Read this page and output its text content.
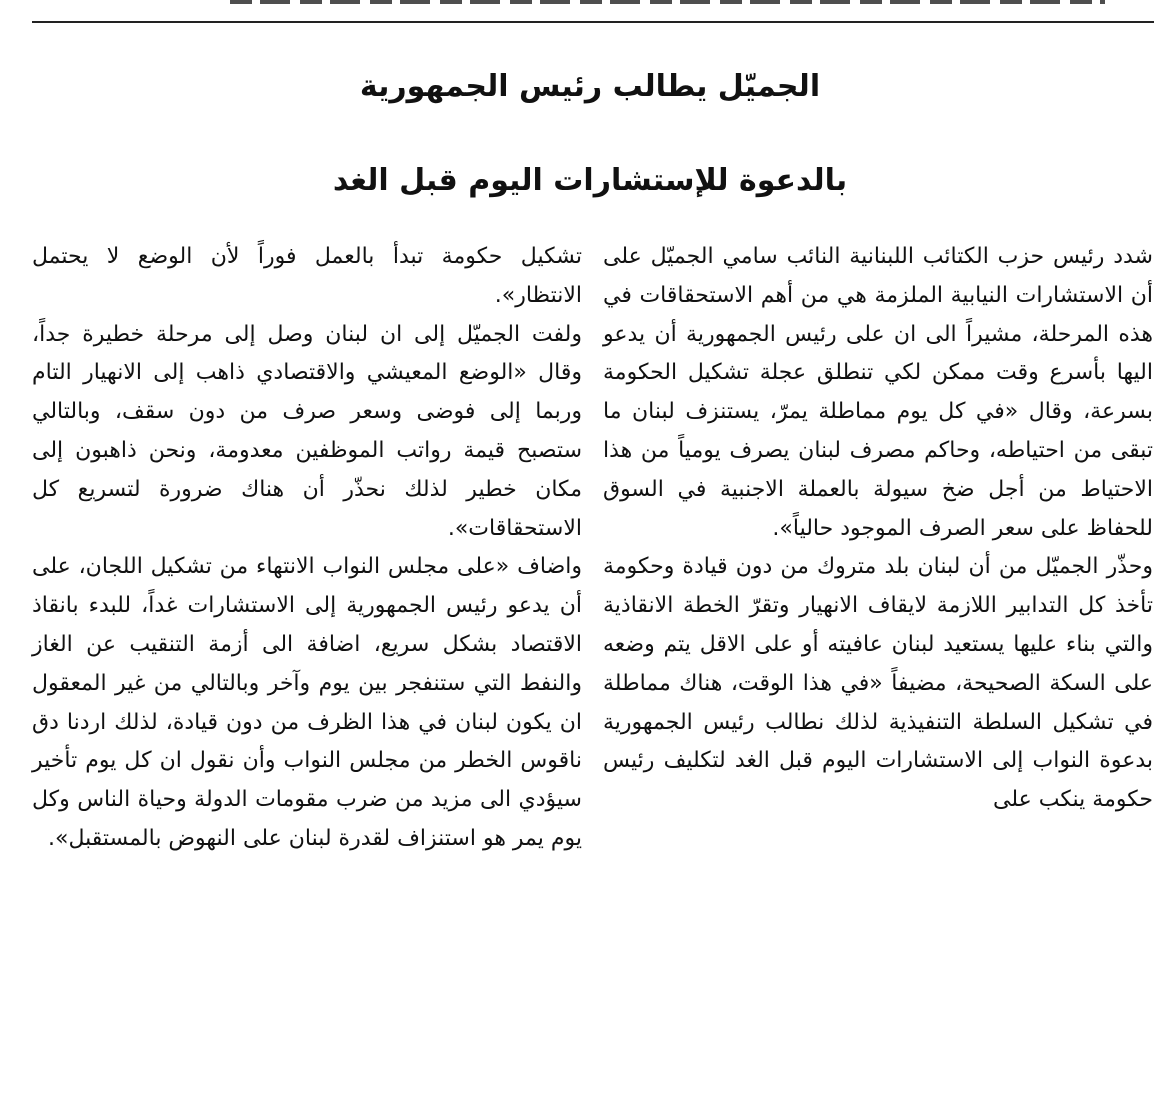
الجميّل يطالب رئيس الجمهورية
بالدعوة للإستشارات اليوم قبل الغد

شدد رئيس حزب الكتائب اللبنانية النائب سامي الجميّل على أن الاستشارات النيابية الملزمة هي من أهم الاستحقاقات في هذه المرحلة، مشيراً الى ان على رئيس الجمهورية أن يدعو اليها بأسرع وقت ممكن لكي تنطلق عجلة تشكيل الحكومة بسرعة، وقال «في كل يوم مماطلة يمرّ، يستنزف لبنان ما تبقى من احتياطه، وحاكم مصرف لبنان يصرف يومياً من هذا الاحتياط من أجل ضخ سيولة بالعملة الاجنبية في السوق للحفاظ على سعر الصرف الموجود حالياً».

وحذّر الجميّل من أن لبنان بلد متروك من دون قيادة وحكومة تأخذ كل التدابير اللازمة لايقاف الانهيار وتقرّ الخطة الانقاذية والتي بناء عليها يستعيد لبنان عافيته أو على الاقل يتم وضعه على السكة الصحيحة، مضيفاً «في هذا الوقت، هناك مماطلة في تشكيل السلطة التنفيذية لذلك نطالب رئيس الجمهورية بدعوة النواب إلى الاستشارات اليوم قبل الغد لتكليف رئيس حكومة ينكب على

تشكيل حكومة تبدأ بالعمل فوراً لأن الوضع لا يحتمل الانتظار».

ولفت الجميّل إلى ان لبنان وصل إلى مرحلة خطيرة جداً، وقال «الوضع المعيشي والاقتصادي ذاهب إلى الانهيار التام وربما إلى فوضى وسعر صرف من دون سقف، وبالتالي ستصبح قيمة رواتب الموظفين معدومة، ونحن ذاهبون إلى مكان خطير لذلك نحذّر أن هناك ضرورة لتسريع كل الاستحقاقات».

واضاف «على مجلس النواب الانتهاء من تشكيل اللجان، على أن يدعو رئيس الجمهورية إلى الاستشارات غداً، للبدء بانقاذ الاقتصاد بشكل سريع، اضافة الى أزمة التنقيب عن الغاز والنفط التي ستنفجر بين يوم وآخر وبالتالي من غير المعقول ان يكون لبنان في هذا الظرف من دون قيادة، لذلك اردنا دق ناقوس الخطر من مجلس النواب وأن نقول ان كل يوم تأخير سيؤدي الى مزيد من ضرب مقومات الدولة وحياة الناس وكل يوم يمر هو استنزاف لقدرة لبنان على النهوض بالمستقبل».
